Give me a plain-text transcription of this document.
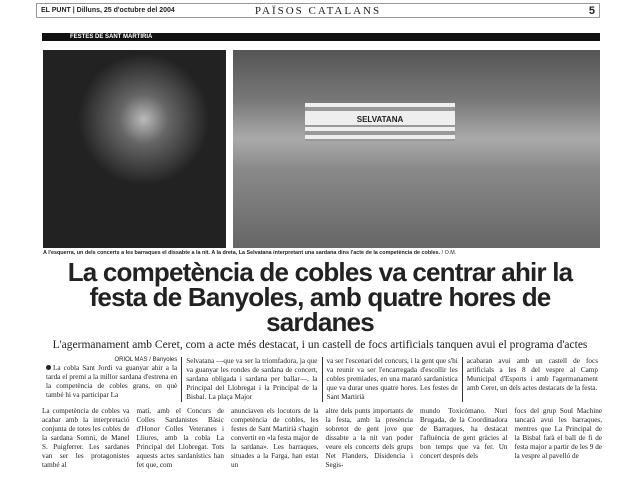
EL PUNT | Dilluns, 25 d'octubre del 2004	PAÏSOS CATALANS	5
FESTES DE SANT MARTIRIÀ
SELVATANA
A l'esquerra, un dels concerts a les barraques el dissabte a la nit. A la dreta, La Selvatana interpretant una sardana dins l'acte de la competència de cobles. / O.M.
La competència de cobles va centrar ahir la festa de Banyoles, amb quatre hores de sardanes
L'agermanament amb Ceret, com a acte més destacat, i un castell de focs artificials tanquen avui el programa d'actes
ORIOL MAS / Banyoles
La cobla Sant Jordi va guanyar ahir a la tarda el premi a la millor sardana d'estrena en la competència de cobles grans, en què també hi va participar La
Selvatana —que va ser la triomfadora, ja que va guanyar les rondes de sardana de concert, sardana obligada i sardana per ballar—, la Principal del Llobregat i la Principal de la Bisbal. La plaça Major
va ser l'escenari del concurs, i la gent que s'hi va reunir va ser l'encarregada d'escollir les cobles premiades, en una marató sardanística que va durar unes quatre hores. Les festes de Sant Martirià
acabaran avui amb un castell de focs artificials a les 8 del vespre al Camp Municipal d'Esports i amb l'agermanament amb Ceret, un dels actes destacats de la festa.
La competència de cobles va acabar amb la interpretació conjunta de totes les cobles de la sardana Somni, de Manel S. Puigferrer. Les sardanes van ser les protagonistes també al
matí, amb el Concurs de Colles Sardanistes Bàsic d'Honor Colles Veteranes i Lliures, amb la cobla La Principal del Llobregat. Tots aquests actes sardanístics han fet que, com
anunciaven els locutors de la competència de cobles, les festes de Sant Martirià s'hagin convertit en «la festa major de la sardana». Les barraques, situades a la Farga, han estat un
altre dels punts importants de la festa, amb la presència sobretot de gent jove que dissabte a la nit van poder veure els concerts dels grups Net Flanders, Disidencia i Segis-
mundo Toxicómano. Nuri Brugada, de la Coordinadora de Barraques, ha destacat l'afluència de gent gràcies al bon temps que va fer. Un concert després dels
focs del grup Soul Machine tancarà avui les barraques, mentres que La Principal de la Bisbal farà el ball de fi de festa major a partir de les 9 de la vespre al pavelló de
